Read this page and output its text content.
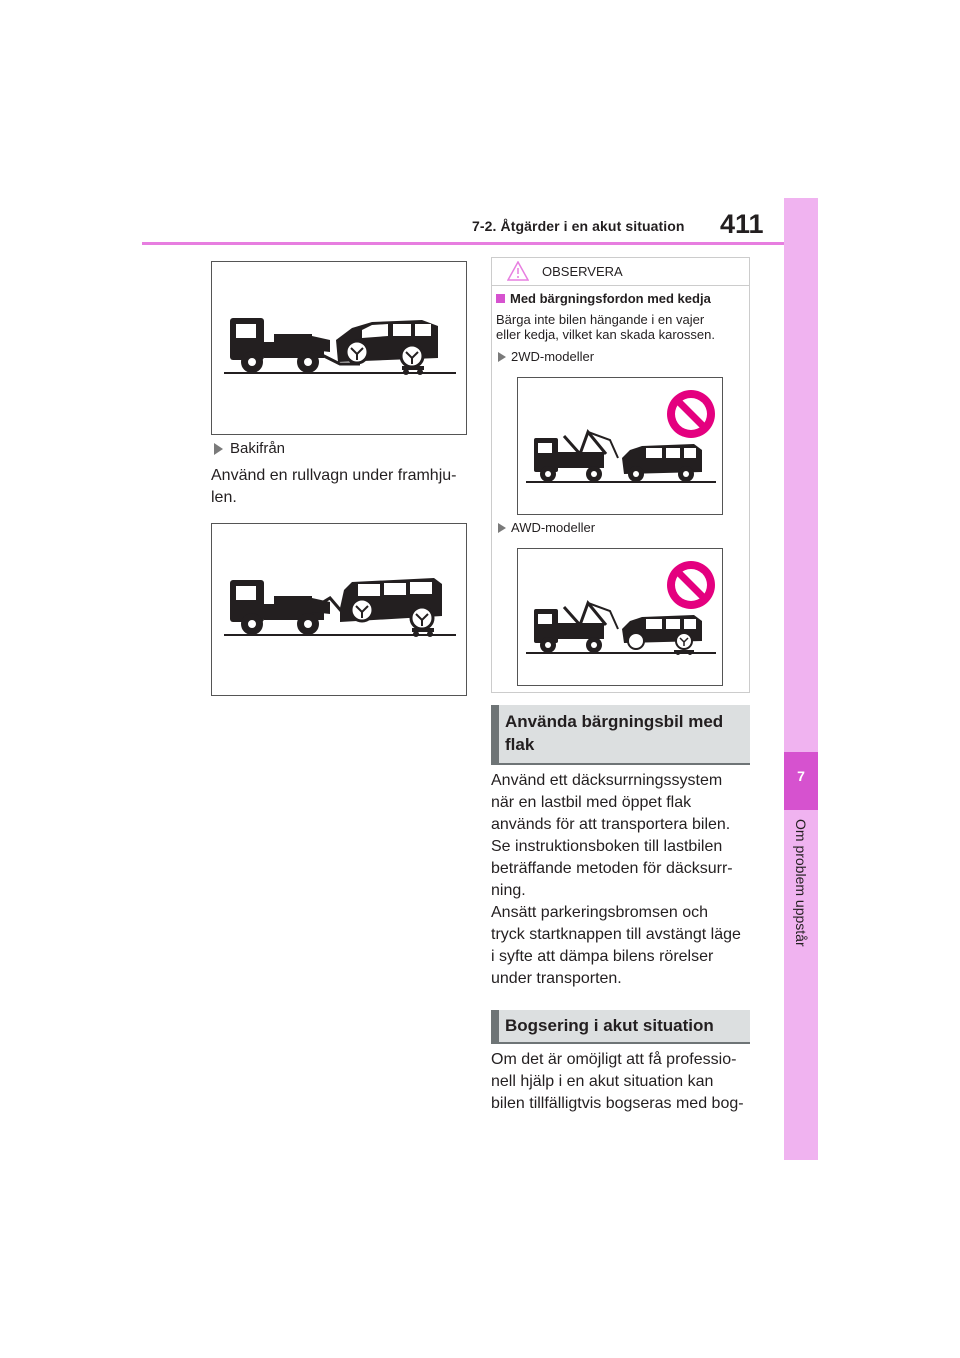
7-2. Åtgärder i en akut situation 411
7
Om problem uppstår
Bakifrån
Använd en rullvagn under framhju-
len.
OBSERVERA
Med bärgningsfordon med kedja
Bärga inte bilen hängande i en vajer
eller kedja, vilket kan skada karossen.
2WD-modeller
AWD-modeller
Använda bärgningsbil med
flak
Använd ett däcksurrningssystem
när en lastbil med öppet flak
används för att transportera bilen.
Se instruktionsboken till lastbilen
beträffande metoden för däcksurr-
ning.
Ansätt parkeringsbromsen och
tryck startknappen till avstängt läge
i syfte att dämpa bilens rörelser
under transporten.
Bogsering i akut situation
Om det är omöjligt att få professio-
nell hjälp i en akut situation kan
bilen tillfälligtvis bogseras med bog-
